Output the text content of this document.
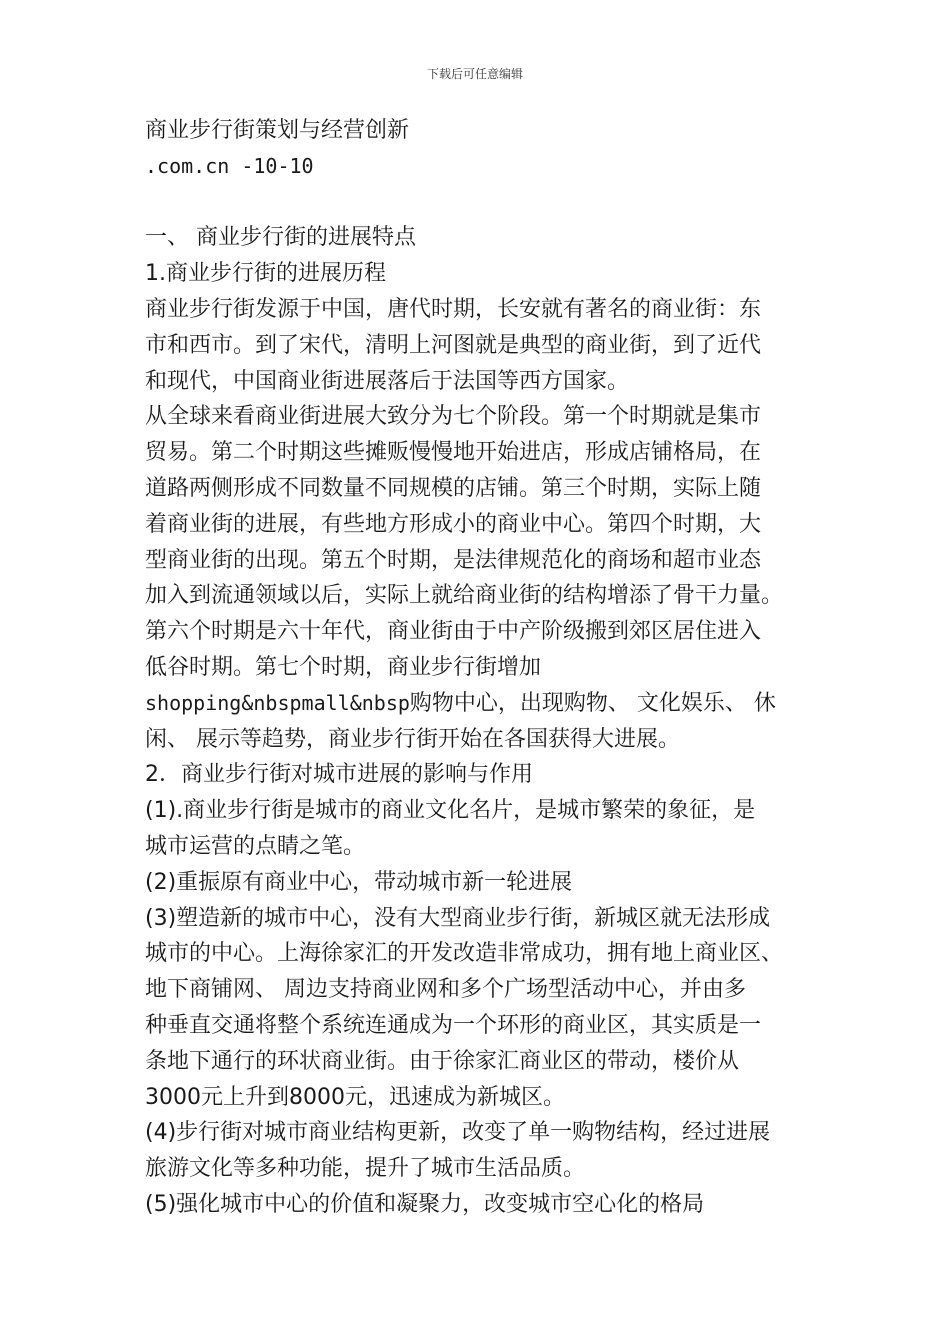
下载后可任意编辑
商业步行街策划与经营创新
.com.cn -10-10
一、 商业步行街的进展特点
1.商业步行街的进展历程
商业步行街发源于中国，唐代时期，长安就有著名的商业街：东
市和西市。到了宋代，清明上河图就是典型的商业街，到了近代
和现代，中国商业街进展落后于法国等西方国家。
从全球来看商业街进展大致分为七个阶段。第一个时期就是集市
贸易。第二个时期这些摊贩慢慢地开始进店，形成店铺格局，在
道路两侧形成不同数量不同规模的店铺。第三个时期，实际上随
着商业街的进展，有些地方形成小的商业中心。第四个时期，大
型商业街的出现。第五个时期，是法律规范化的商场和超市业态
加入到流通领域以后，实际上就给商业街的结构增添了骨干力量。
第六个时期是六十年代，商业街由于中产阶级搬到郊区居住进入
低谷时期。第七个时期，商业步行街增加
shopping&nbspmall&nbsp购物中心，出现购物、 文化娱乐、 休
闲、 展示等趋势，商业步行街开始在各国获得大进展。
2．商业步行街对城市进展的影响与作用
(1).商业步行街是城市的商业文化名片，是城市繁荣的象征，是
城市运营的点睛之笔。
(2)重振原有商业中心，带动城市新一轮进展
(3)塑造新的城市中心，没有大型商业步行街，新城区就无法形成
城市的中心。上海徐家汇的开发改造非常成功，拥有地上商业区、
地下商铺网、 周边支持商业网和多个广场型活动中心，并由多
种垂直交通将整个系统连通成为一个环形的商业区，其实质是一
条地下通行的环状商业街。由于徐家汇商业区的带动，楼价从
3000元上升到8000元，迅速成为新城区。
(4)步行街对城市商业结构更新，改变了单一购物结构，经过进展
旅游文化等多种功能，提升了城市生活品质。
(5)强化城市中心的价值和凝聚力，改变城市空心化的格局
